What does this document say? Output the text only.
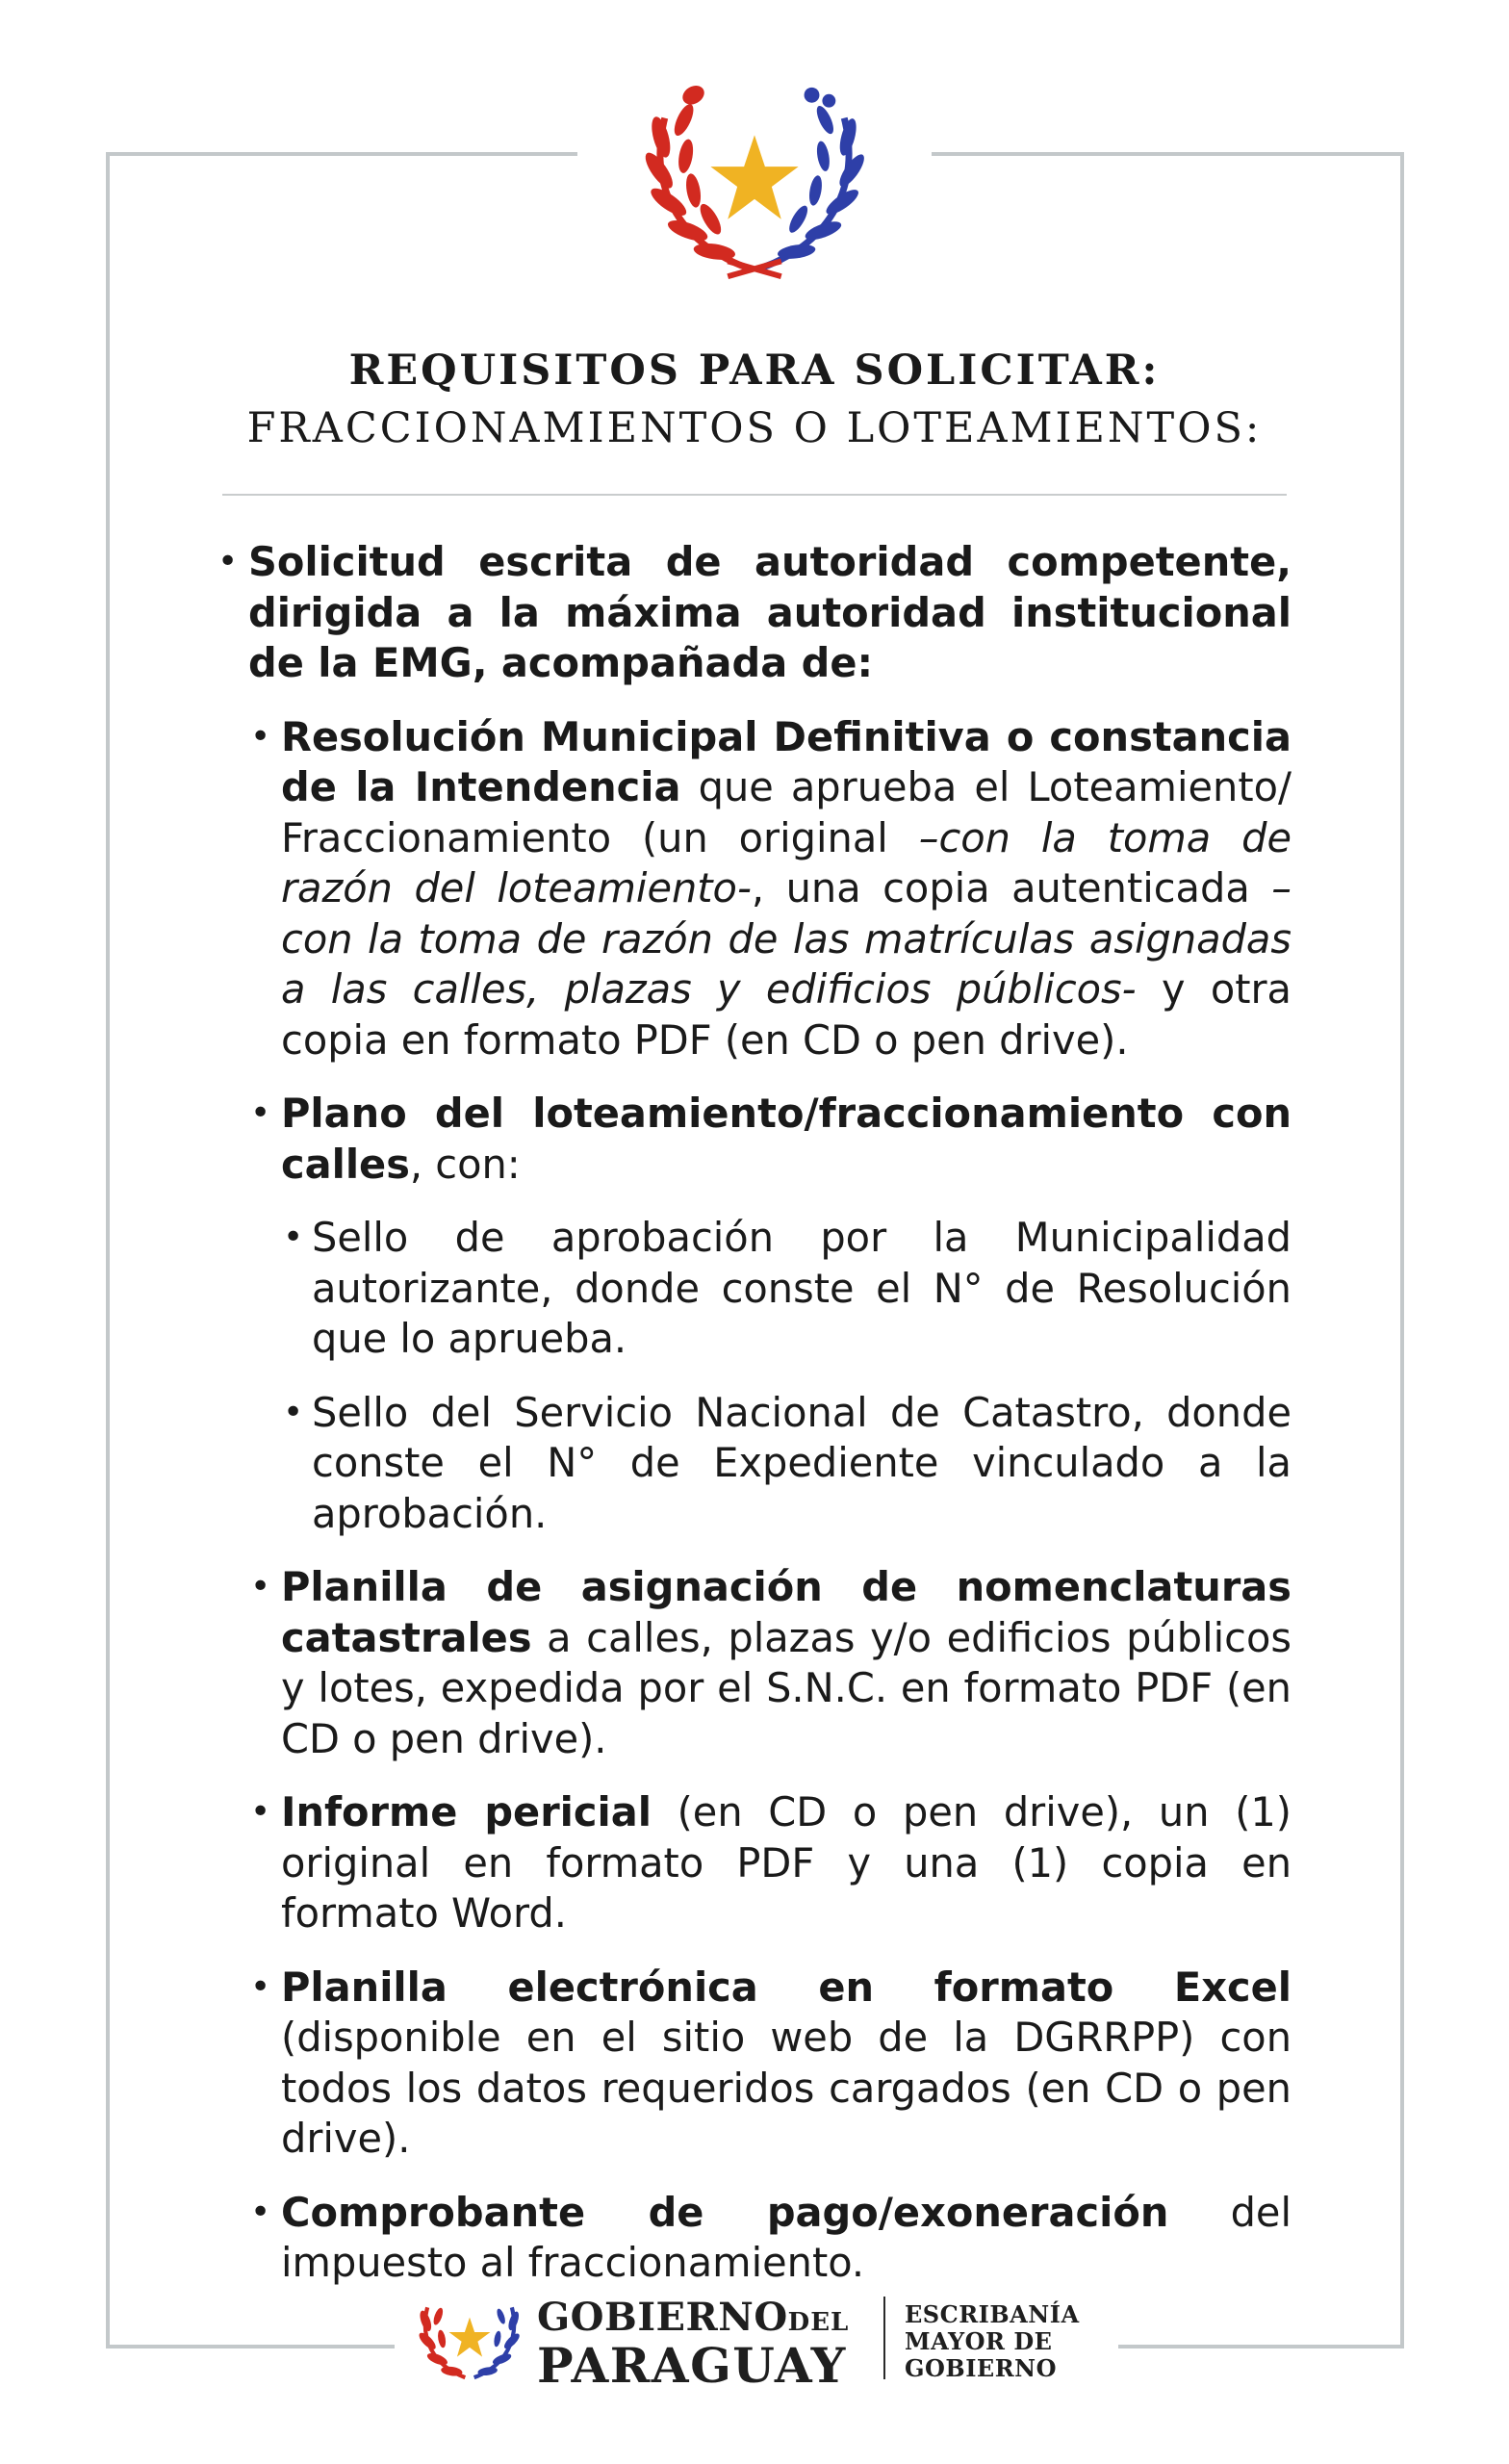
REQUISITOS PARA SOLICITAR:
FRACCIONAMIENTOS O LOTEAMIENTOS:
• Solicitud escrita de autoridad competente, dirigida a la máxima autoridad institucional de la EMG, acompañada de:
• Resolución Municipal Definitiva o constancia de la Intendencia que aprueba el Loteamiento/ Fraccionamiento (un original –con la toma de razón del loteamiento-, una copia autenticada –con la toma de razón de las matrículas asignadas a las calles, plazas y edificios públicos- y otra copia en formato PDF (en CD o pen drive).
• Plano del loteamiento/fraccionamiento con calles, con:
• Sello de aprobación por la Municipalidad autorizante, donde conste el N° de Resolución que lo aprueba.
• Sello del Servicio Nacional de Catastro, donde conste el N° de Expediente vinculado a la aprobación.
• Planilla de asignación de nomenclaturas catastrales a calles, plazas y/o edificios públicos y lotes, expedida por el S.N.C. en formato PDF (en CD o pen drive).
• Informe pericial (en CD o pen drive), un (1) original en formato PDF y una (1) copia en formato Word.
• Planilla electrónica en formato Excel (disponible en el sitio web de la DGRRPP) con todos los datos requeridos cargados (en CD o pen drive).
• Comprobante de pago/exoneración del impuesto al fraccionamiento.
GOBIERNODEL
PARAGUAY
ESCRIBANÍA
MAYOR DE
GOBIERNO
